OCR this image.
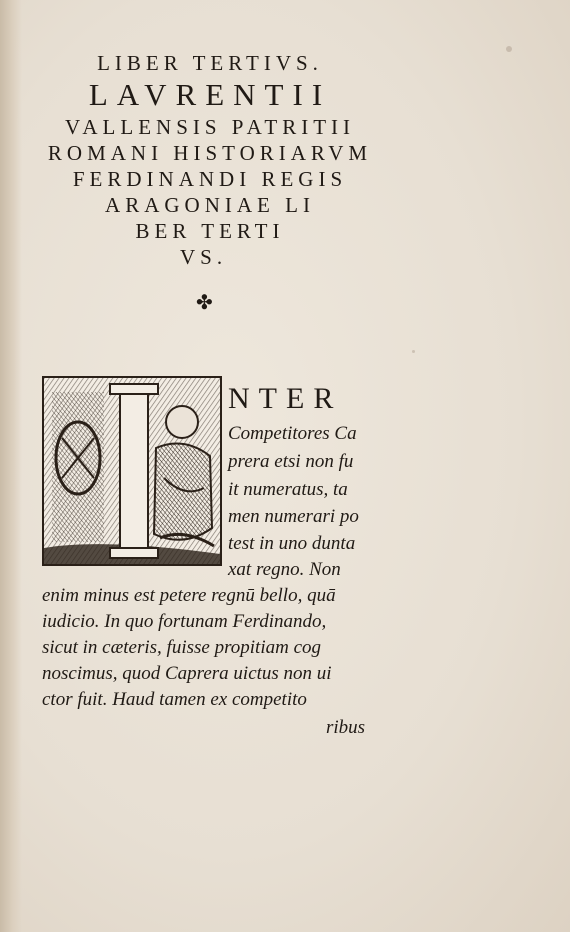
LIBER TERTIVS.
LAVRENTII
VALLENSIS PATRITII
ROMANI HISTORIARVM
FERDINANDI REGIS
ARAGONIAE LI
BER TERTI
VS.
✤
NTER
Competitores Ca
prera etsi non fu
it numeratus, ta
men numerari po
test in uno dunta
xat regno. Non
enim minus est petere regnū bello, quā
iudicio. In quo fortunam Ferdinando,
sicut in cæteris, fuisse propitiam cog
noscimus, quod Caprera uictus non ui
ctor fuit. Haud tamen ex competito
ribus
